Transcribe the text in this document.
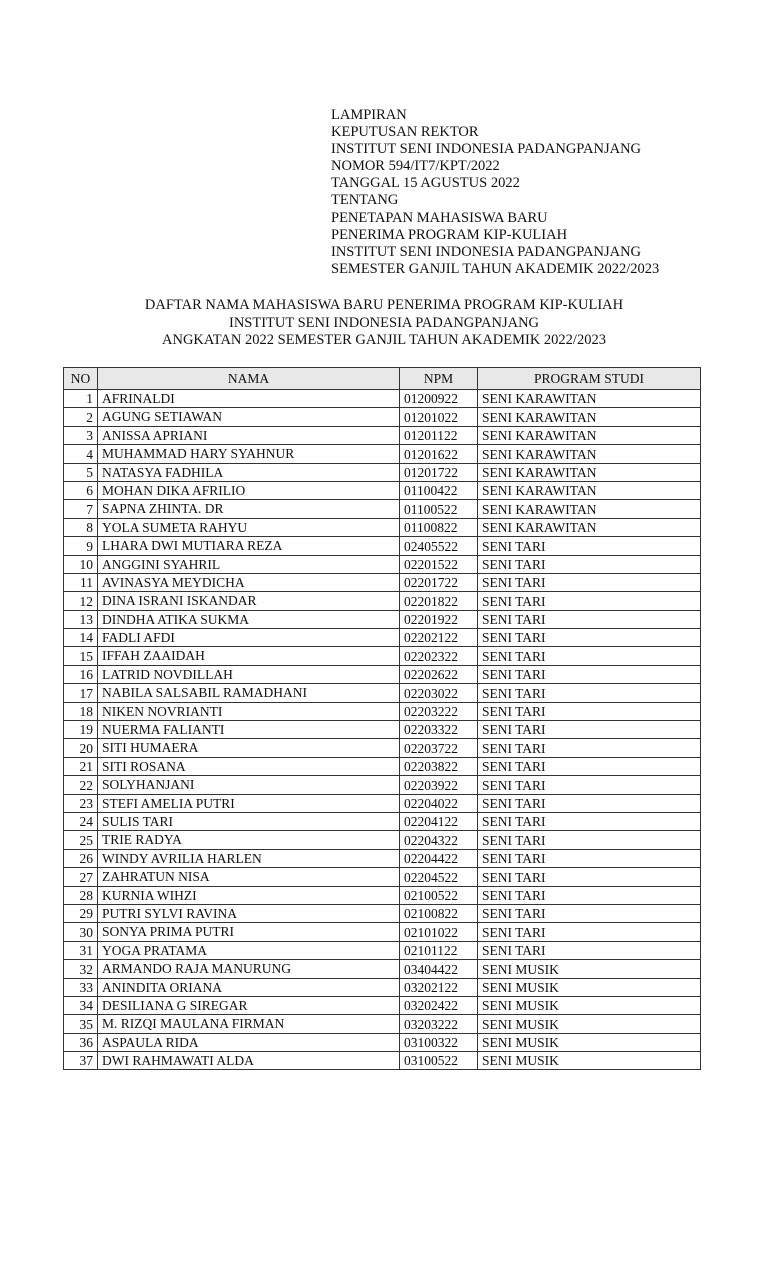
LAMPIRAN
KEPUTUSAN REKTOR
INSTITUT SENI INDONESIA PADANGPANJANG
NOMOR 594/IT7/KPT/2022
TANGGAL 15 AGUSTUS 2022
TENTANG
PENETAPAN MAHASISWA BARU
PENERIMA PROGRAM KIP-KULIAH
INSTITUT SENI INDONESIA PADANGPANJANG
SEMESTER GANJIL TAHUN AKADEMIK 2022/2023
DAFTAR NAMA MAHASISWA BARU PENERIMA PROGRAM KIP-KULIAH
INSTITUT SENI INDONESIA PADANGPANJANG
ANGKATAN 2022 SEMESTER GANJIL TAHUN AKADEMIK 2022/2023
NO	NAMA	NPM	PROGRAM STUDI
1	AFRINALDI	01200922	SENI KARAWITAN
2	AGUNG SETIAWAN	01201022	SENI KARAWITAN
3	ANISSA APRIANI	01201122	SENI KARAWITAN
4	MUHAMMAD HARY SYAHNUR	01201622	SENI KARAWITAN
5	NATASYA FADHILA	01201722	SENI KARAWITAN
6	MOHAN DIKA AFRILIO	01100422	SENI KARAWITAN
7	SAPNA ZHINTA. DR	01100522	SENI KARAWITAN
8	YOLA SUMETA RAHYU	01100822	SENI KARAWITAN
9	LHARA DWI MUTIARA REZA	02405522	SENI TARI
10	ANGGINI SYAHRIL	02201522	SENI TARI
11	AVINASYA MEYDICHA	02201722	SENI TARI
12	DINA ISRANI ISKANDAR	02201822	SENI TARI
13	DINDHA ATIKA SUKMA	02201922	SENI TARI
14	FADLI AFDI	02202122	SENI TARI
15	IFFAH ZAAIDAH	02202322	SENI TARI
16	LATRID NOVDILLAH	02202622	SENI TARI
17	NABILA SALSABIL RAMADHANI	02203022	SENI TARI
18	NIKEN NOVRIANTI	02203222	SENI TARI
19	NUERMA FALIANTI	02203322	SENI TARI
20	SITI HUMAERA	02203722	SENI TARI
21	SITI ROSANA	02203822	SENI TARI
22	SOLYHANJANI	02203922	SENI TARI
23	STEFI AMELIA PUTRI	02204022	SENI TARI
24	SULIS TARI	02204122	SENI TARI
25	TRIE RADYA	02204322	SENI TARI
26	WINDY AVRILIA HARLEN	02204422	SENI TARI
27	ZAHRATUN NISA	02204522	SENI TARI
28	KURNIA WIHZI	02100522	SENI TARI
29	PUTRI SYLVI RAVINA	02100822	SENI TARI
30	SONYA PRIMA PUTRI	02101022	SENI TARI
31	YOGA PRATAMA	02101122	SENI TARI
32	ARMANDO RAJA MANURUNG	03404422	SENI MUSIK
33	ANINDITA ORIANA	03202122	SENI MUSIK
34	DESILIANA G SIREGAR	03202422	SENI MUSIK
35	M. RIZQI MAULANA FIRMAN	03203222	SENI MUSIK
36	ASPAULA RIDA	03100322	SENI MUSIK
37	DWI RAHMAWATI ALDA	03100522	SENI MUSIK
